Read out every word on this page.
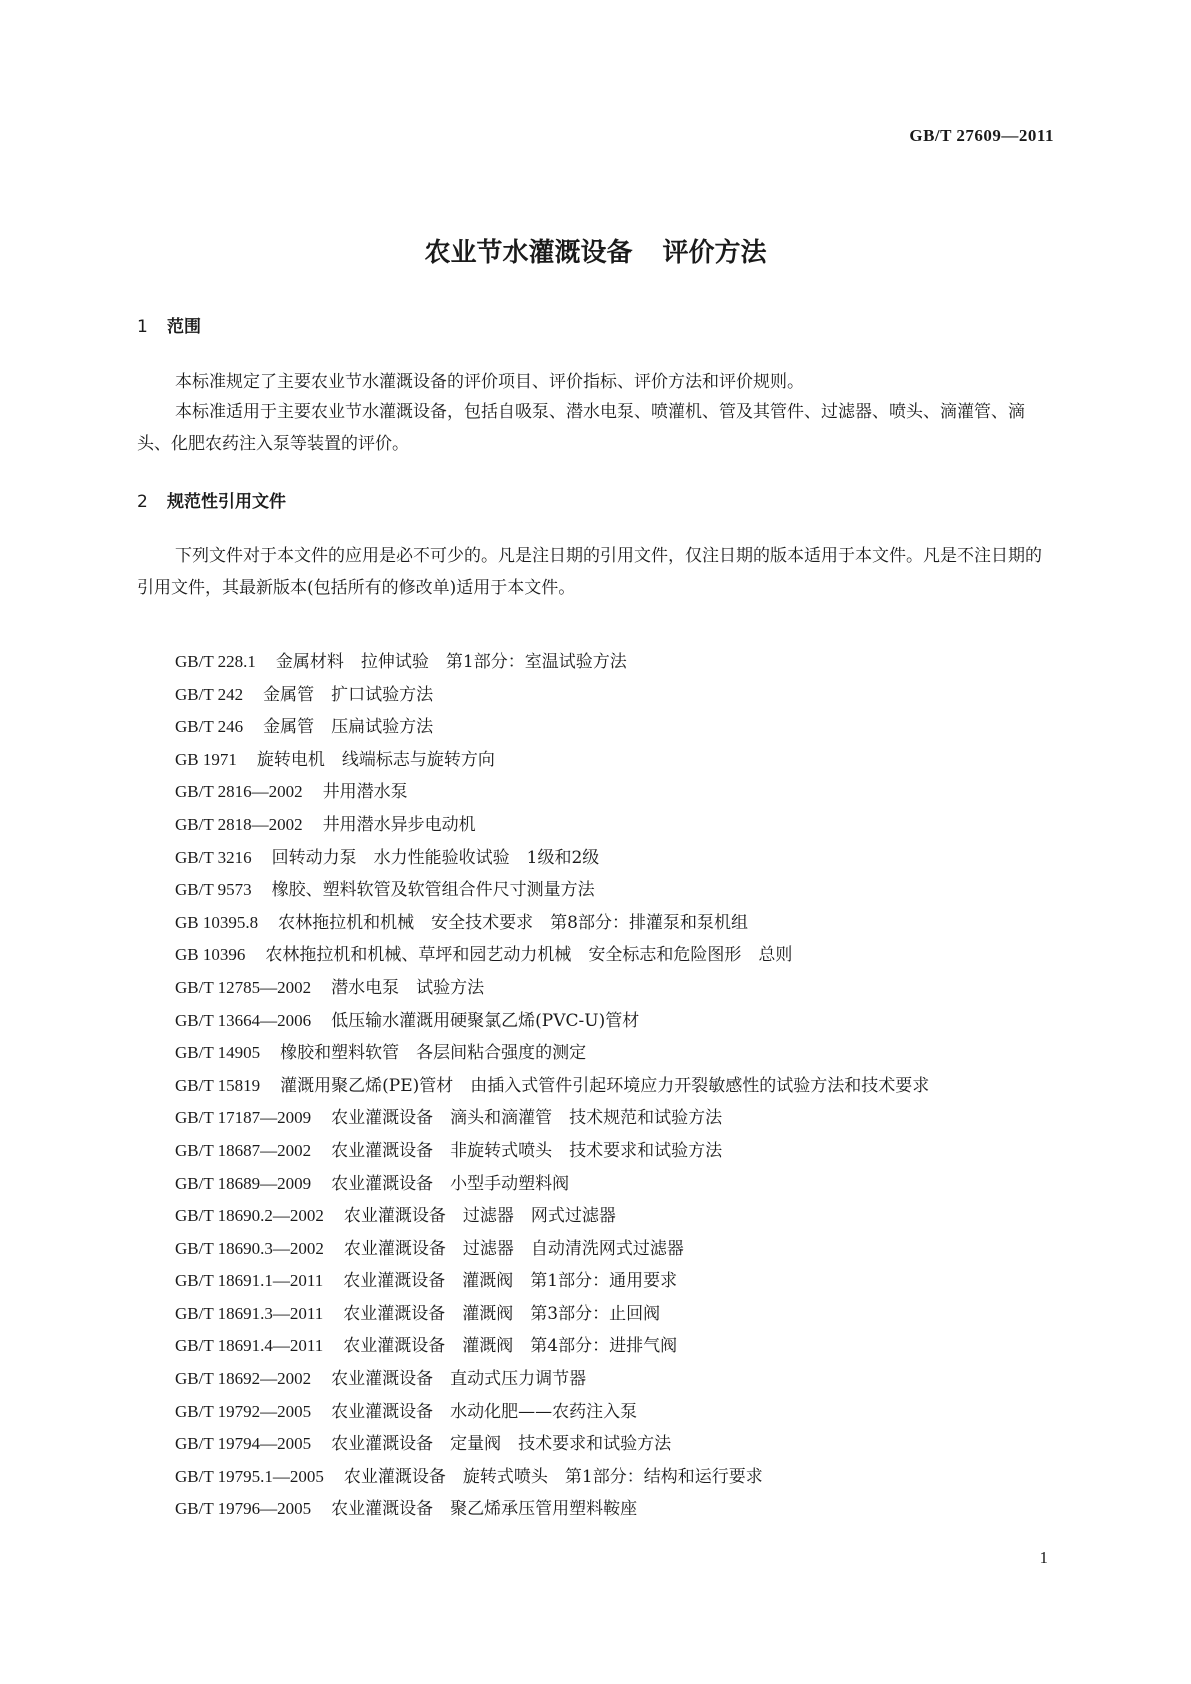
GB/T 27609—2011
农业节水灌溉设备 评价方法
1 范围
本标准规定了主要农业节水灌溉设备的评价项目、评价指标、评价方法和评价规则。
本标准适用于主要农业节水灌溉设备，包括自吸泵、潜水电泵、喷灌机、管及其管件、过滤器、喷头、滴灌管、滴头、化肥农药注入泵等装置的评价。
2 规范性引用文件
下列文件对于本文件的应用是必不可少的。凡是注日期的引用文件，仅注日期的版本适用于本文件。凡是不注日期的引用文件，其最新版本(包括所有的修改单)适用于本文件。
GB/T 228.1 金属材料　拉伸试验　第1部分：室温试验方法
GB/T 242 金属管　扩口试验方法
GB/T 246 金属管　压扁试验方法
GB 1971 旋转电机　线端标志与旋转方向
GB/T 2816—2002 井用潜水泵
GB/T 2818—2002 井用潜水异步电动机
GB/T 3216 回转动力泵　水力性能验收试验　1级和2级
GB/T 9573 橡胶、塑料软管及软管组合件尺寸测量方法
GB 10395.8 农林拖拉机和机械　安全技术要求　第8部分：排灌泵和泵机组
GB 10396 农林拖拉机和机械、草坪和园艺动力机械　安全标志和危险图形　总则
GB/T 12785—2002 潜水电泵　试验方法
GB/T 13664—2006 低压输水灌溉用硬聚氯乙烯(PVC-U)管材
GB/T 14905 橡胶和塑料软管　各层间粘合强度的测定
GB/T 15819 灌溉用聚乙烯(PE)管材　由插入式管件引起环境应力开裂敏感性的试验方法和技术要求
GB/T 17187—2009 农业灌溉设备　滴头和滴灌管　技术规范和试验方法
GB/T 18687—2002 农业灌溉设备　非旋转式喷头　技术要求和试验方法
GB/T 18689—2009 农业灌溉设备　小型手动塑料阀
GB/T 18690.2—2002 农业灌溉设备　过滤器　网式过滤器
GB/T 18690.3—2002 农业灌溉设备　过滤器　自动清洗网式过滤器
GB/T 18691.1—2011 农业灌溉设备　灌溉阀　第1部分：通用要求
GB/T 18691.3—2011 农业灌溉设备　灌溉阀　第3部分：止回阀
GB/T 18691.4—2011 农业灌溉设备　灌溉阀　第4部分：进排气阀
GB/T 18692—2002 农业灌溉设备　直动式压力调节器
GB/T 19792—2005 农业灌溉设备　水动化肥——农药注入泵
GB/T 19794—2005 农业灌溉设备　定量阀　技术要求和试验方法
GB/T 19795.1—2005 农业灌溉设备　旋转式喷头　第1部分：结构和运行要求
GB/T 19796—2005 农业灌溉设备　聚乙烯承压管用塑料鞍座
1
